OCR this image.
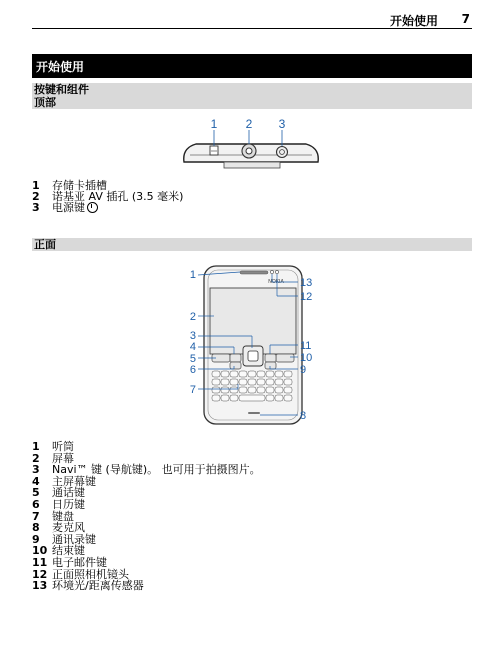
开始使用 7
开始使用
按键和组件
顶部
1 2 3
1	存储卡插槽
2	诺基亚 AV 插孔 (3.5 毫米)
3	电源键
正面
NOKIA
1
2
3
4
5
6
7
13
12
11
10
9
8
1	听筒
2	屏幕
3	Navi™ 键 (导航键)。 也可用于拍摄图片。
4	主屏幕键
5	通话键
6	日历键
7	键盘
8	麦克风
9	通讯录键
10 结束键
11 电子邮件键
12 正面照相机镜头
13 环境光/距离传感器
